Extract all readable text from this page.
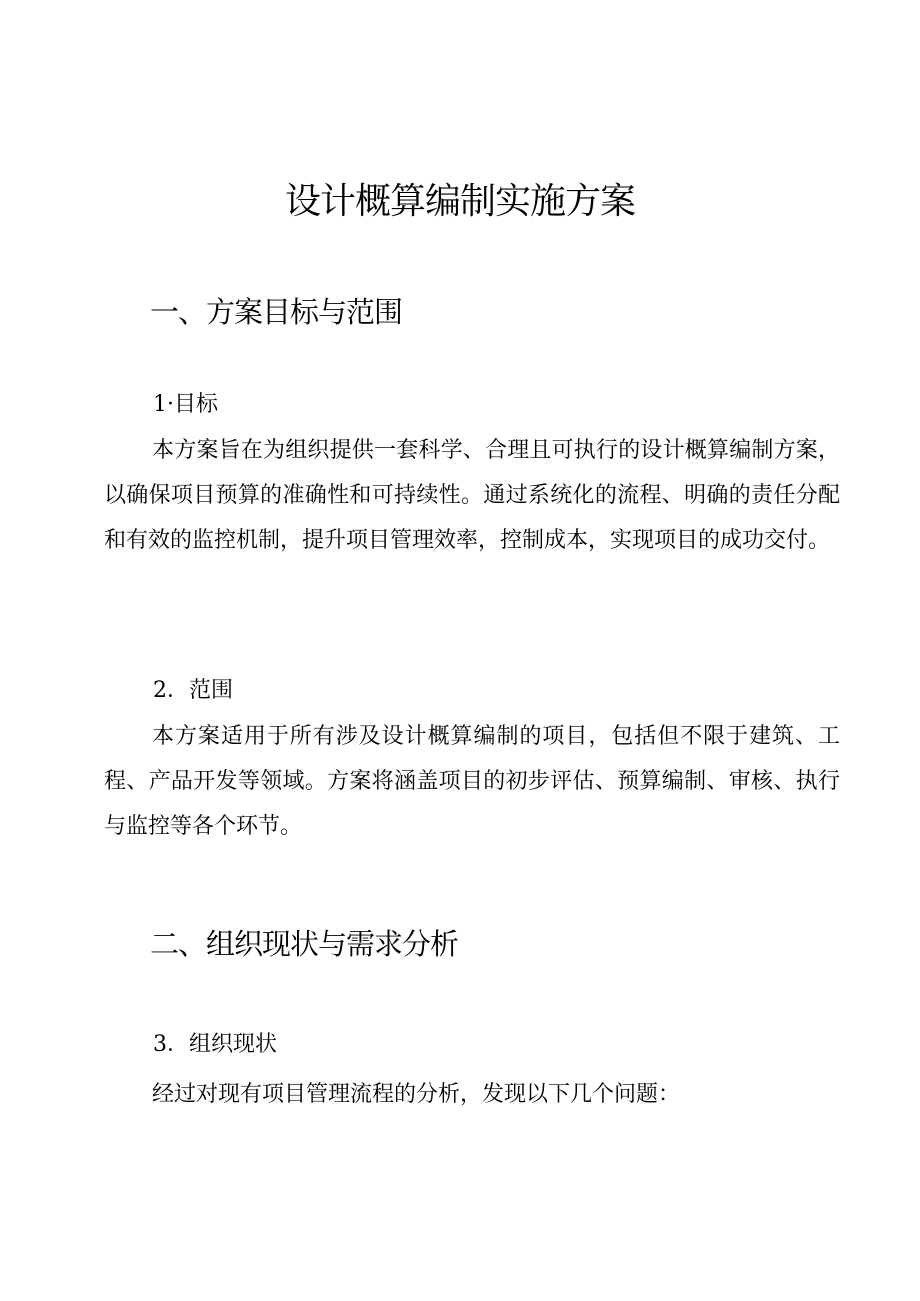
设计概算编制实施方案
一、方案目标与范围
1·目标

本方案旨在为组织提供一套科学、合理且可执行的设计概算编制方案，以确保项目预算的准确性和可持续性。通过系统化的流程、明确的责任分配和有效的监控机制，提升项目管理效率，控制成本，实现项目的成功交付。

2．范围

本方案适用于所有涉及设计概算编制的项目，包括但不限于建筑、工程、产品开发等领域。方案将涵盖项目的初步评估、预算编制、审核、执行与监控等各个环节。

二、组织现状与需求分析
3．组织现状

经过对现有项目管理流程的分析，发现以下几个问题：
